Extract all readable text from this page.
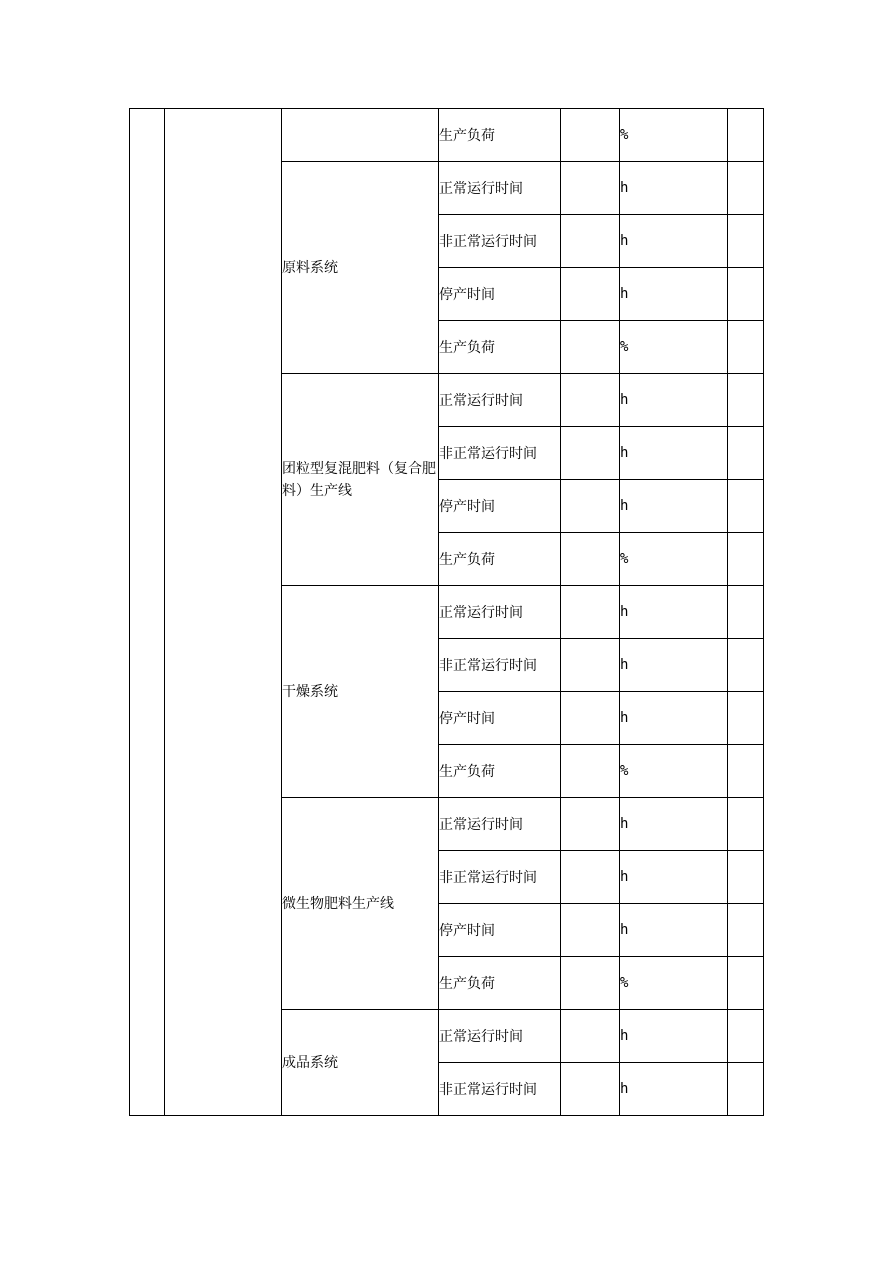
			生产负荷		%	
		原料系统	正常运行时间		h	
			非正常运行时间		h	
			停产时间		h	
			生产负荷		%	
		团粒型复混肥料（复合肥料）生产线	正常运行时间		h	
			非正常运行时间		h	
			停产时间		h	
			生产负荷		%	
		干燥系统	正常运行时间		h	
			非正常运行时间		h	
			停产时间		h	
			生产负荷		%	
		微生物肥料生产线	正常运行时间		h	
			非正常运行时间		h	
			停产时间		h	
			生产负荷		%	
		成品系统	正常运行时间		h	
			非正常运行时间		h	
